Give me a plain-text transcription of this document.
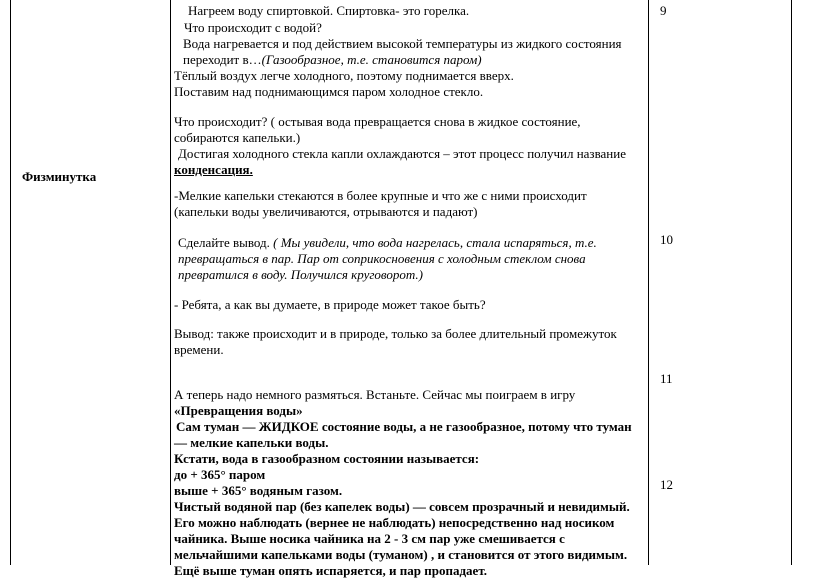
Физминутка
Нагреем воду спиртовкой. Спиртовка- это горелка.
Что происходит с водой?
Вода нагревается и под действием высокой температуры из жидкого состояния
переходит в…(Газообразное, т.е. становится паром)
Тёплый воздух легче холодного, поэтому поднимается вверх.
Поставим над поднимающимся паром холодное стекло.
Что происходит? ( остывая вода превращается снова в жидкое состояние,
собираются капельки.)
Достигая холодного стекла капли охлаждаются – этот процесс получил название
конденсация.
-Мелкие капельки стекаются в более крупные и что же с ними происходит
(капельки воды увеличиваются, отрываются и падают)
Сделайте вывод. ( Мы увидели, что вода нагрелась, стала испаряться, т.е.
превращаться в пар. Пар от соприкосновения с холодным стеклом снова
превратился в воду. Получился круговорот.)
- Ребята, а как вы думаете, в природе может такое быть?
Вывод: также происходит и в природе, только за более длительный промежуток
времени.
А теперь надо немного размяться. Встаньте. Сейчас мы поиграем в игру
«Превращения воды»
Сам туман — ЖИДКОЕ состояние воды, а не газообразное, потому что туман
— мелкие капельки воды.
Кстати, вода в газообразном состоянии называется:
до + 365° паром
выше + 365° водяным газом.
Чистый водяной пар (без капелек воды) — совсем прозрачный и невидимый.
Его можно наблюдать (вернее не наблюдать) непосредственно над носиком
чайника. Выше носика чайника на 2 - 3 см пар уже смешивается с
мельчайшими капельками воды (туманом) , и становится от этого видимым.
Ещё выше туман опять испаряется, и пар пропадает.
9
10
11
12
